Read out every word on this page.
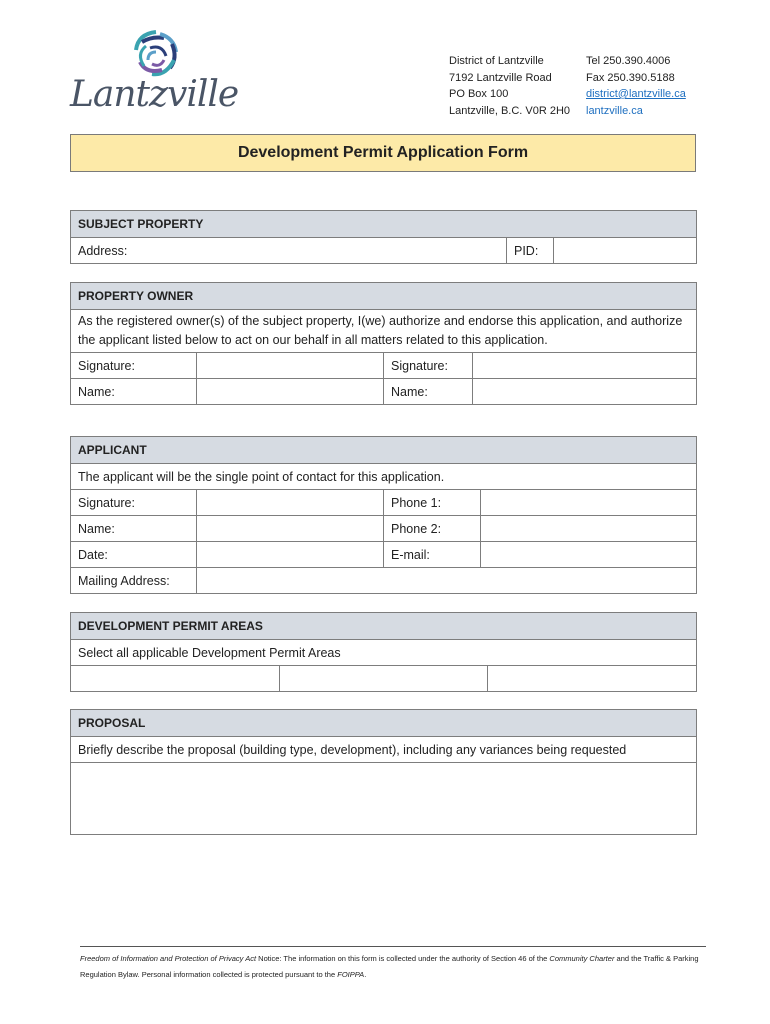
Lantzville
District of Lantzville
7192 Lantzville Road
PO Box 100
Lantzville, B.C. V0R 2H0
Tel 250.390.4006
Fax 250.390.5188
district@lantzville.ca
lantzville.ca
Development Permit Application Form
SUBJECT PROPERTY
Address:	PID:	
PROPERTY OWNER			
As the registered owner(s) of the subject property, I(we) authorize and endorse this application, and authorize the applicant listed below to act on our behalf in all matters related to this application.			
Signature:		Signature:	
Name:		Name:	
APPLICANT			
The applicant will be the single point of contact for this application.			
Signature:		Phone 1:	
Name:		Phone 2:	
Date:		E-mail:	
Mailing Address:			
DEVELOPMENT PERMIT AREAS
Select all applicable Development Permit Areas

PROPOSAL
Briefly describe the proposal (building type, development), including any variances being requested

Freedom of Information and Protection of Privacy Act Notice: The information on this form is collected under the authority of Section 46 of the Community Charter and the Traffic & Parking Regulation Bylaw. Personal information collected is protected pursuant to the FOIPPA.
